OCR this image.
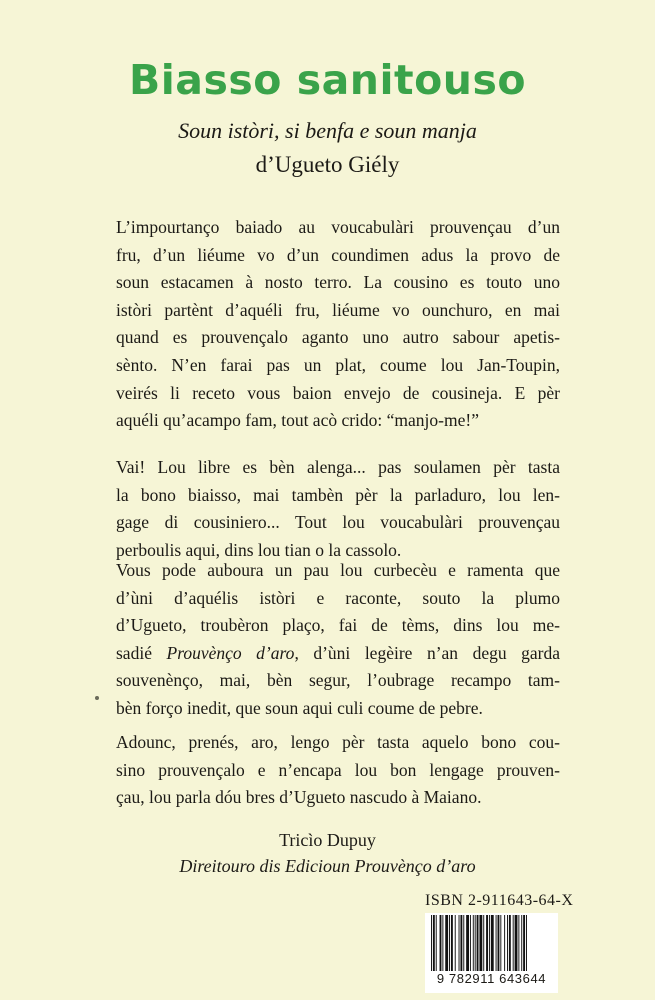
Biasso sanitouso
Soun istòri, si benfa e soun manja
d’Ugueto Giély

L’impourtanço baiado au voucabulàri prouvençau d’un
fru, d’un liéume vo d’un coundimen adus la provo de
soun estacamen à nosto terro. La cousino es touto uno
istòri partènt d’aquéli fru, liéume vo ounchuro, en mai
quand es prouvençalo aganto uno autro sabour apetis-
sènto. N’en farai pas un plat, coume lou Jan-Toupin,
veirés li receto vous baion envejo de cousineja. E pèr
aquéli qu’acampo fam, tout acò crido: “manjo-me!”

Vai! Lou libre es bèn alenga... pas soulamen pèr tasta
la bono biaisso, mai tambèn pèr la parladuro, lou len-
gage di cousiniero... Tout lou voucabulàri prouvençau
perboulis aqui, dins lou tian o la cassolo.

Vous pode auboura un pau lou curbecèu e ramenta que
d’ùni d’aquélis istòri e raconte, souto la plumo
d’Ugueto, troubèron plaço, fai de tèms, dins lou me-
sadié Prouvènço d’aro, d’ùni legèire n’an degu garda
souvenènço, mai, bèn segur, l’oubrage recampo tam-
bèn forço inedit, que soun aqui culi coume de pebre.

Adounc, prenés, aro, lengo pèr tasta aquelo bono cou-
sino prouvençalo e n’encapa lou bon lengage prouven-
çau, lou parla dóu bres d’Ugueto nascudo à Maiano.

Tricìo Dupuy
Direitouro dis Edicioun Prouvènço d’aro
ISBN 2-911643-64-X
9 782911 643644
